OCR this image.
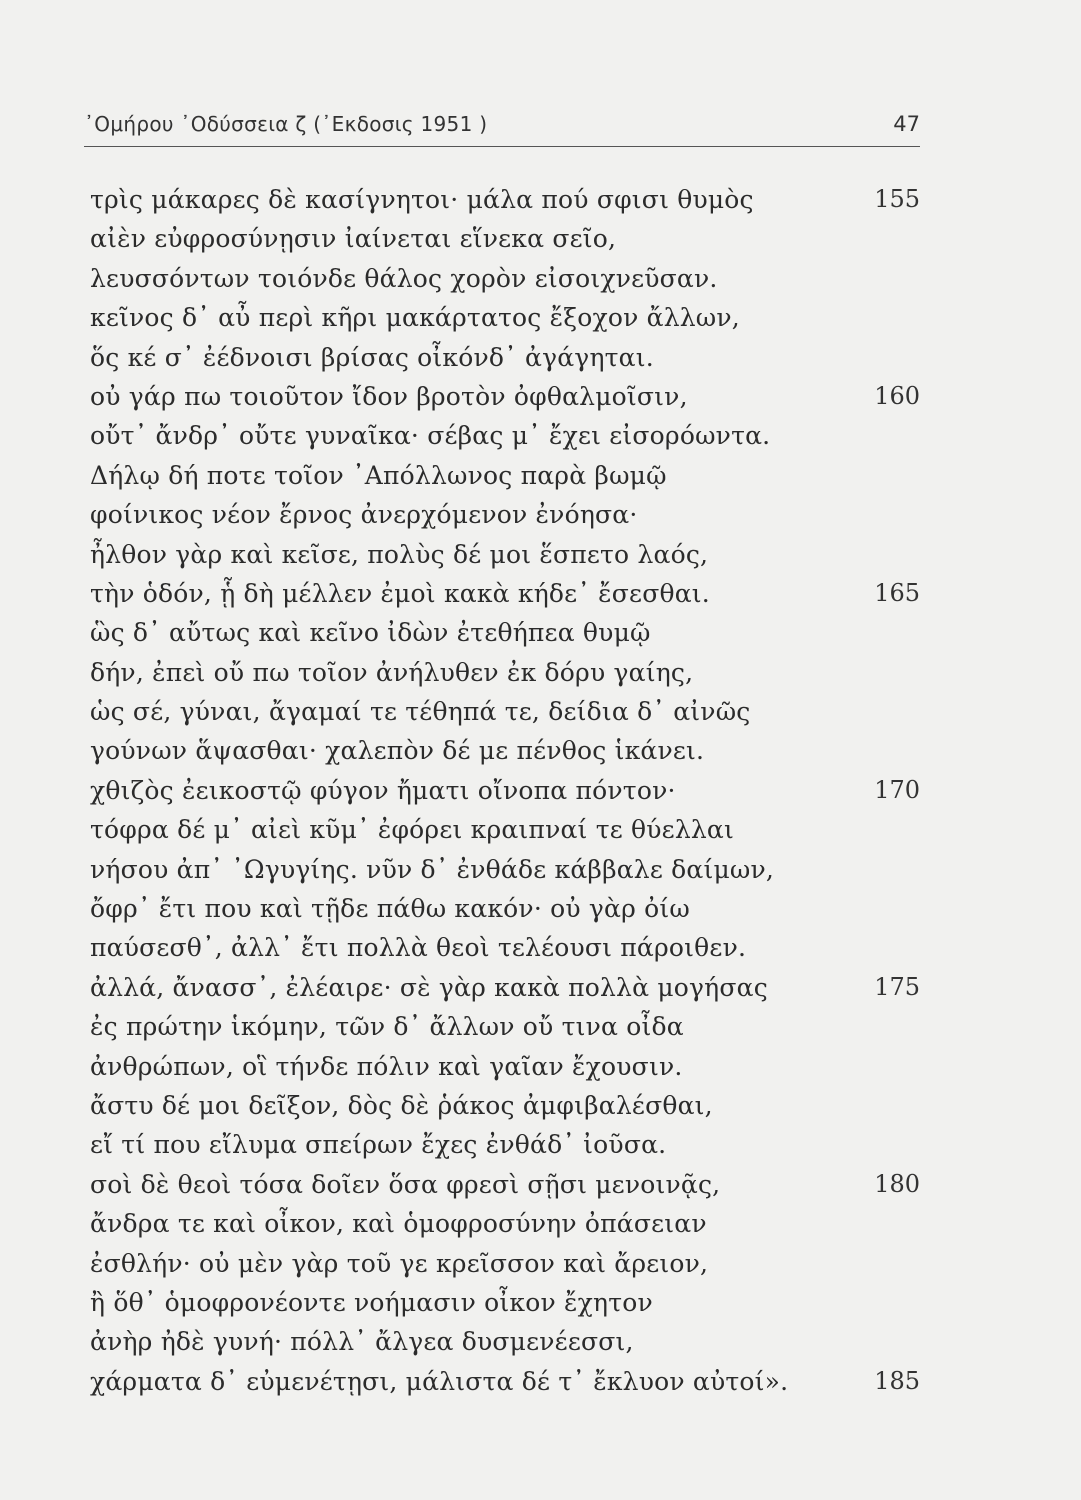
᾿Ομήρου ᾿Οδύσσεια ζ (᾿Εκδοσις 1951 )	47
τρὶς μάκαρες δὲ κασίγνητοι· μάλα πού σφισι θυμὸς	155
αἰὲν εὐφροσύνῃσιν ἰαίνεται εἵνεκα σεῖο,
λευσσόντων τοιόνδε θάλος χορὸν εἰσοιχνεῦσαν.
κεῖνος δ᾿ αὖ περὶ κῆρι μακάρτατος ἔξοχον ἄλλων,
ὅς κέ σ᾿ ἐέδνοισι βρίσας οἶκόνδ᾿ ἀγάγηται.
οὐ γάρ πω τοιοῦτον ἴδον βροτὸν ὀφθαλμοῖσιν,	160
οὔτ᾿ ἄνδρ᾿ οὔτε γυναῖκα· σέβας μ᾿ ἔχει εἰσορόωντα.
Δήλῳ δή ποτε τοῖον ᾿Απόλλωνος παρὰ βωμῷ
φοίνικος νέον ἔρνος ἀνερχόμενον ἐνόησα·
ἦλθον γὰρ καὶ κεῖσε, πολὺς δέ μοι ἕσπετο λαός,
τὴν ὁδόν, ᾗ δὴ μέλλεν ἐμοὶ κακὰ κήδε᾿ ἔσεσθαι.	165
ὣς δ᾿ αὔτως καὶ κεῖνο ἰδὼν ἐτεθήπεα θυμῷ
δήν, ἐπεὶ οὔ πω τοῖον ἀνήλυθεν ἐκ δόρυ γαίης,
ὡς σέ, γύναι, ἄγαμαί τε τέθηπά τε, δείδια δ᾿ αἰνῶς
γούνων ἅψασθαι· χαλεπὸν δέ με πένθος ἱκάνει.
χθιζὸς ἐεικοστῷ φύγον ἤματι οἴνοπα πόντον·	170
τόφρα δέ μ᾿ αἰεὶ κῦμ᾿ ἐφόρει κραιπναί τε θύελλαι
νήσου ἀπ᾿ ᾿Ωγυγίης. νῦν δ᾿ ἐνθάδε κάββαλε δαίμων,
ὄφρ᾿ ἔτι που καὶ τῇδε πάθω κακόν· οὐ γὰρ ὀίω
παύσεσθ᾿, ἀλλ᾿ ἔτι πολλὰ θεοὶ τελέουσι πάροιθεν.
ἀλλά, ἄνασσ᾿, ἐλέαιρε· σὲ γὰρ κακὰ πολλὰ μογήσας	175
ἐς πρώτην ἱκόμην, τῶν δ᾿ ἄλλων οὔ τινα οἶδα
ἀνθρώπων, οἳ τήνδε πόλιν καὶ γαῖαν ἔχουσιν.
ἄστυ δέ μοι δεῖξον, δὸς δὲ ῥάκος ἀμφιβαλέσθαι,
εἴ τί που εἴλυμα σπείρων ἔχες ἐνθάδ᾿ ἰοῦσα.
σοὶ δὲ θεοὶ τόσα δοῖεν ὅσα φρεσὶ σῇσι μενοινᾷς,	180
ἄνδρα τε καὶ οἶκον, καὶ ὁμοφροσύνην ὀπάσειαν
ἐσθλήν· οὐ μὲν γὰρ τοῦ γε κρεῖσσον καὶ ἄρειον,
ἢ ὅθ᾿ ὁμοφρονέοντε νοήμασιν οἶκον ἔχητον
ἀνὴρ ἠδὲ γυνή· πόλλ᾿ ἄλγεα δυσμενέεσσι,
χάρματα δ᾿ εὐμενέτῃσι, μάλιστα δέ τ᾿ ἔκλυον αὐτοί».	185
